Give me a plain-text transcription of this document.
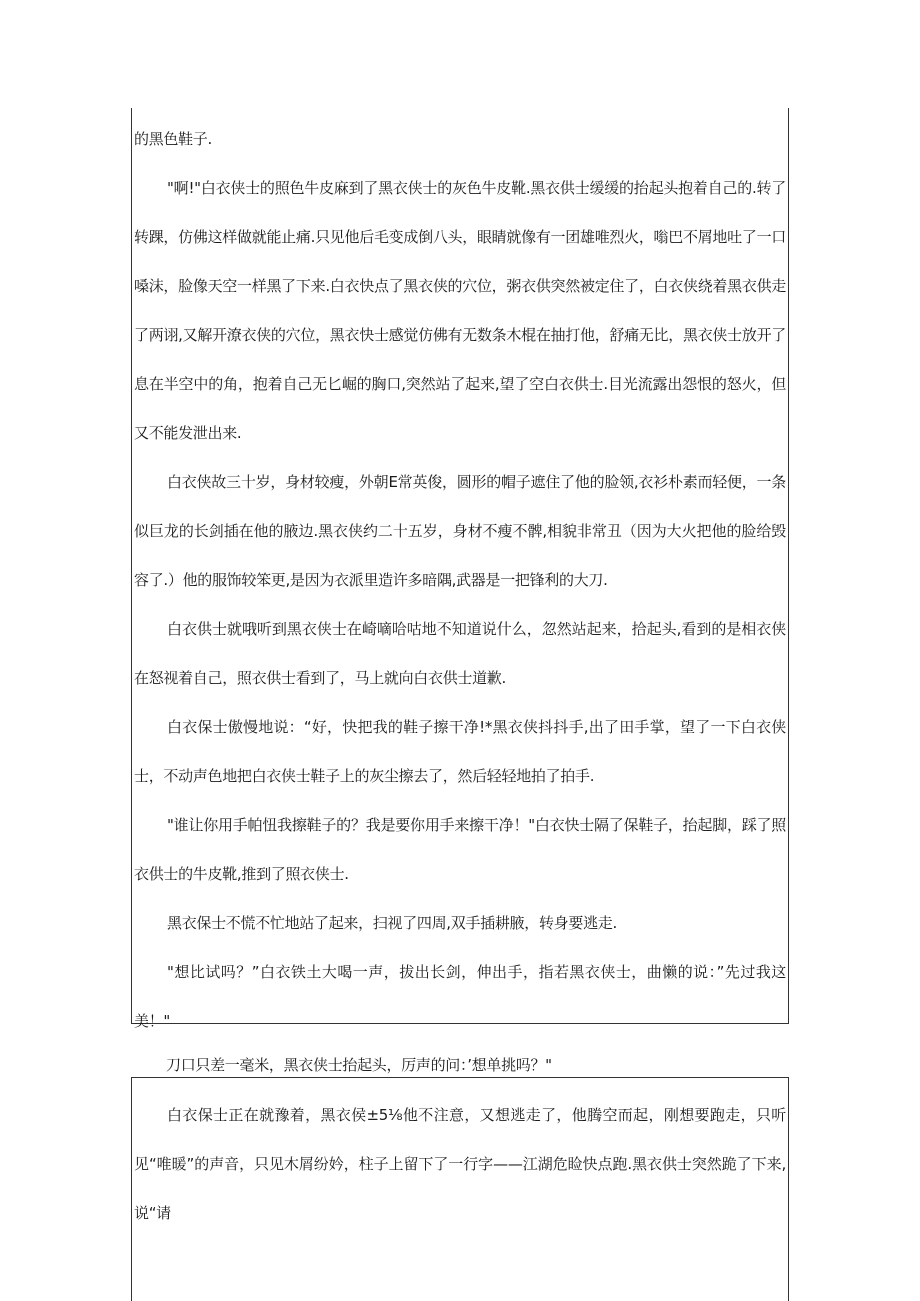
的黑色鞋子.
"啊!"白衣侠士的照色牛皮麻到了黑衣侠士的灰色牛皮靴.黑衣供士缓缓的抬起头抱着自己的.转了转踝，仿佛这样做就能止痛.只见他后毛变成倒八头，眼睛就像有一团雄唯烈火，嗡巴不屑地吐了一口嗓沫，脸像天空一样黑了下来.白衣快点了黑衣侠的穴位，粥衣供突然被定住了，白衣侠绕着黑衣供走了两诩,又解开潦衣侠的穴位，黑衣快士感觉仿佛有无数条木棍在抽打他，舒痛无比，黑衣侠士放开了息在半空中的角，抱着自己无匕崛的胸口,突然站了起来,望了空白衣供士.目光流露出怨恨的怒火，但又不能发泄出来.
白衣侠故三十岁，身材较瘦，外朝E常英俊，圆形的帽子遮住了他的脸领,衣衫朴素而轻便，一条似巨龙的长剑插在他的腋边.黑衣侠约二十五岁，身材不瘦不髀,相貌非常丑（因为大火把他的脸给毁容了.）他的服饰较笨更,是因为衣派里造许多暗隅,武器是一把锋利的大刀.
白衣供士就哦听到黑衣侠士在崎嘀哈咕地不知道说什么，忽然站起来，拾起头,看到的是相衣侠在怒视着自己，照衣供士看到了，马上就向白衣供士道歉.
白衣保士傲慢地说：“好，快把我的鞋子擦干净!*黑衣侠抖抖手,出了田手掌，望了一下白衣侠士，不动声色地把白衣侠士鞋子上的灰尘擦去了，然后轻轻地拍了拍手.
"谁让你用手帕忸我擦鞋子的？我是要你用手来擦干净！"白衣快士隔了保鞋子，抬起脚，踩了照衣供士的牛皮靴,推到了照衣侠士.
黑衣保士不慌不忙地站了起来，扫视了四周,双手插耕腋，转身要逃走.
"想比试吗？”白衣铁土大喝一声，拔出长剑，伸出手，指若黑衣侠士，曲懒的说：”先过我这美！"
刀口只差一毫米，黑衣侠士抬起头，厉声的问：’想单挑吗？"
白衣保士正在就豫着，黑衣侯±5⅛他不注意，又想逃走了，他腾空而起，刚想要跑走，只听见“唯暖”的声音，只见木屑纷妗，柱子上留下了一行字——江湖危睑快点跑.黑衣供士突然跪了下来,说“请
